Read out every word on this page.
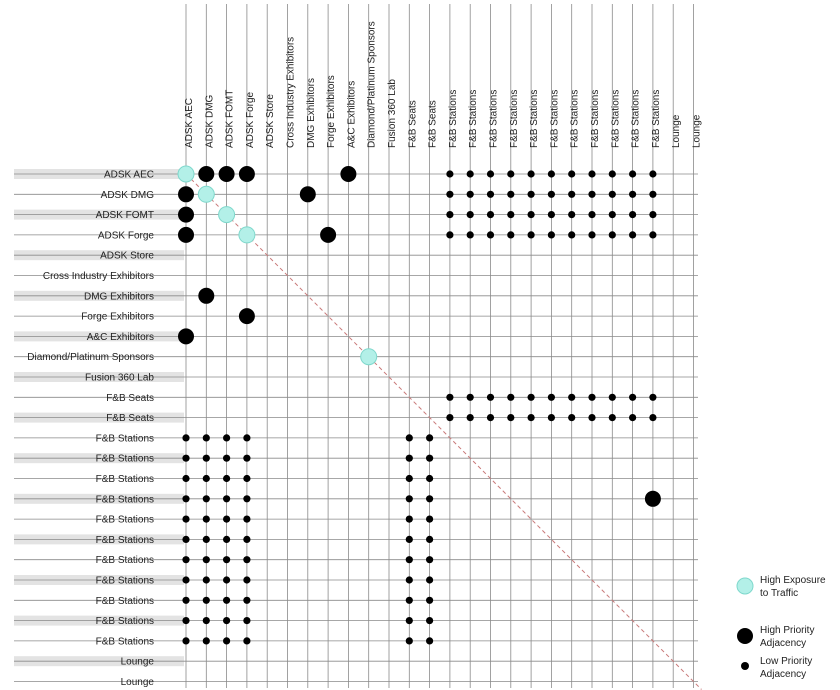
ADSK AEC
ADSK DMG
ADSK FOMT
ADSK Forge
ADSK Store
Cross Industry Exhibitors
DMG Exhibitors
Forge Exhibitors
A&C Exhibitors
Diamond/Platinum Sponsors
Fusion 360 Lab
F&B Seats
F&B Seats
F&B Stations
F&B Stations
F&B Stations
F&B Stations
F&B Stations
F&B Stations
F&B Stations
F&B Stations
F&B Stations
F&B Stations
F&B Stations
Lounge
Lounge
ADSK AEC ADSK DMG ADSK FOMT ADSK Forge ADSK Store Cross Industry Exhibitors DMG Exhibitors Forge Exhibitors A&C Exhibitors Diamond/Platinum Sponsors Fusion 360 Lab F&B Seats F&B Seats F&B Stations F&B Stations F&B Stations F&B Stations F&B Stations F&B Stations F&B Stations F&B Stations F&B Stations F&B Stations F&B Stations Lounge Lounge
High Exposure
to Traffic
High Priority
Adjacency
Low Priority
Adjacency
